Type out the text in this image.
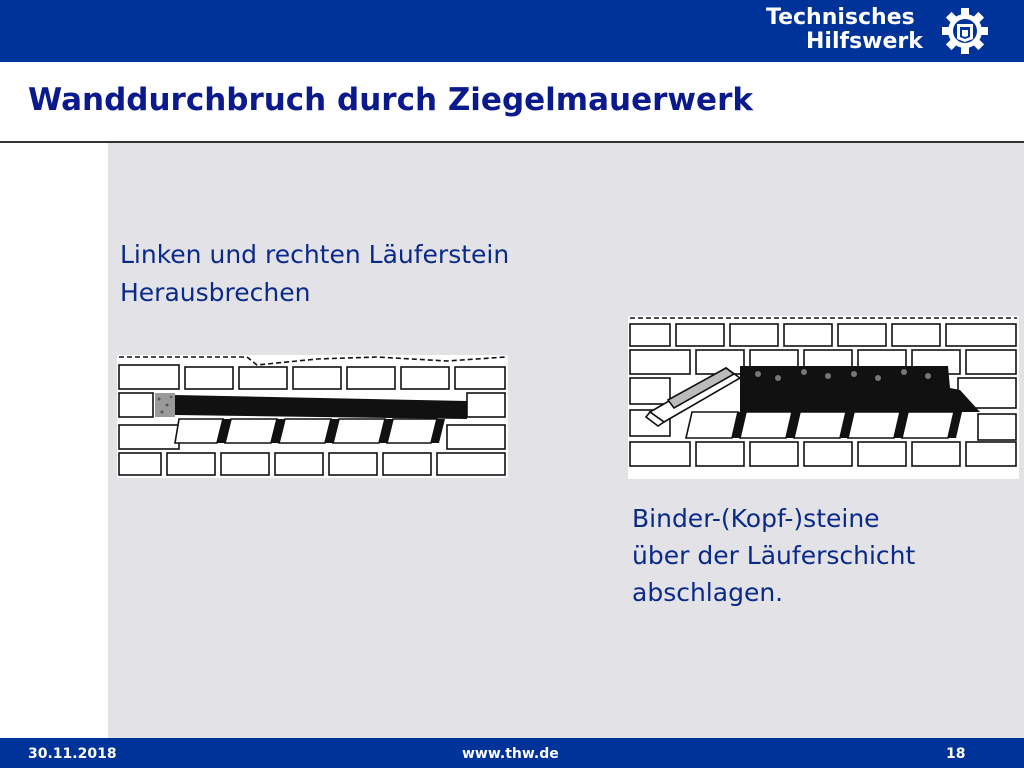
Technisches
Hilfswerk
Wanddurchbruch durch Ziegelmauerwerk
Linken und rechten Läuferstein
Herausbrechen
Binder-(Kopf-)steine
über der Läuferschicht
abschlagen.
30.11.2018	www.thw.de	18
